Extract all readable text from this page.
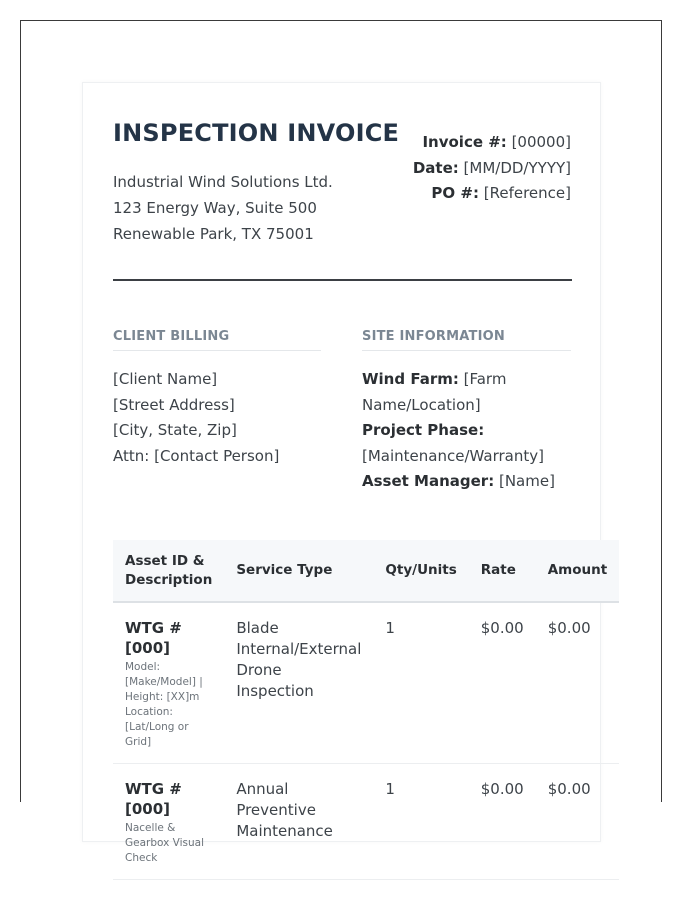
INSPECTION INVOICE
Industrial Wind Solutions Ltd.
123 Energy Way, Suite 500
Renewable Park, TX 75001
Invoice #: [00000]
Date: [MM/DD/YYYY]
PO #: [Reference]
CLIENT BILLING	SITE INFORMATION
[Client Name]
[Street Address]
[City, State, Zip]
Attn: [Contact Person]
Wind Farm: [Farm Name/Location]
Project Phase: [Maintenance/Warranty]
Asset Manager: [Name]
Asset ID & Description	Service Type	Qty/Units	Rate	Amount

WTG #[000]
Model: [Make/Model] | Height: [XX]m Location: [Lat/Long or Grid]	Blade Internal/External Drone Inspection	1	$0.00	$0.00

WTG #[000]
Nacelle & Gearbox Visual Check	Annual Preventive Maintenance	1	$0.00	$0.00
